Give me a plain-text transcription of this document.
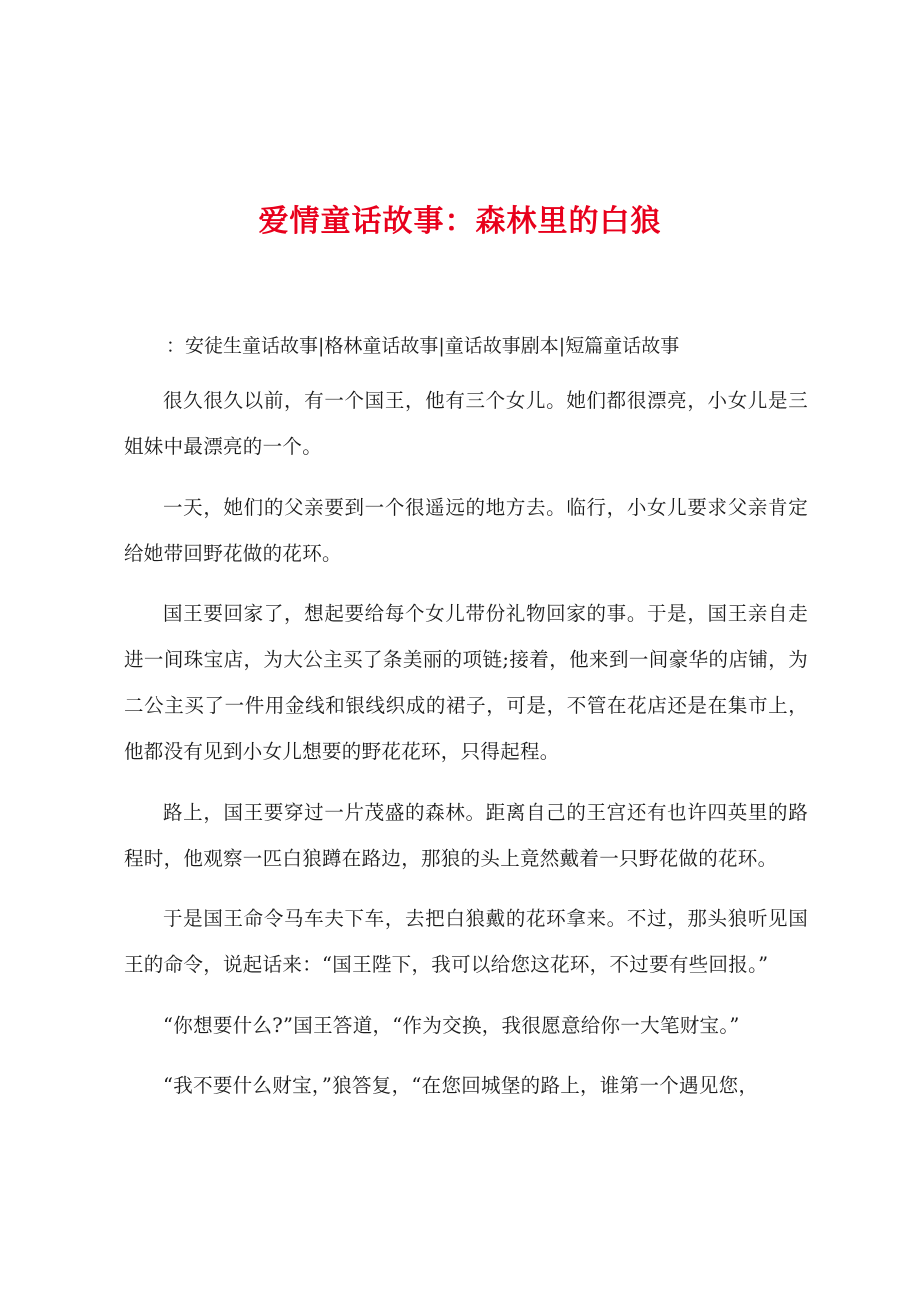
爱情童话故事：森林里的白狼
：安徒生童话故事|格林童话故事|童话故事剧本|短篇童话故事

很久很久以前，有一个国王，他有三个女儿。她们都很漂亮，小女儿是三姐妹中最漂亮的一个。

一天，她们的父亲要到一个很遥远的地方去。临行，小女儿要求父亲肯定给她带回野花做的花环。

国王要回家了，想起要给每个女儿带份礼物回家的事。于是，国王亲自走进一间珠宝店，为大公主买了条美丽的项链;接着，他来到一间豪华的店铺，为二公主买了一件用金线和银线织成的裙子，可是，不管在花店还是在集市上，他都没有见到小女儿想要的野花花环，只得起程。

路上，国王要穿过一片茂盛的森林。距离自己的王宫还有也许四英里的路程时，他观察一匹白狼蹲在路边，那狼的头上竟然戴着一只野花做的花环。

于是国王命令马车夫下车，去把白狼戴的花环拿来。不过，那头狼听见国王的命令，说起话来：“国王陛下，我可以给您这花环，不过要有些回报。”

“你想要什么?”国王答道，“作为交换，我很愿意给你一大笔财宝。”

“我不要什么财宝，”狼答复，“在您回城堡的路上，谁第一个遇见您，
